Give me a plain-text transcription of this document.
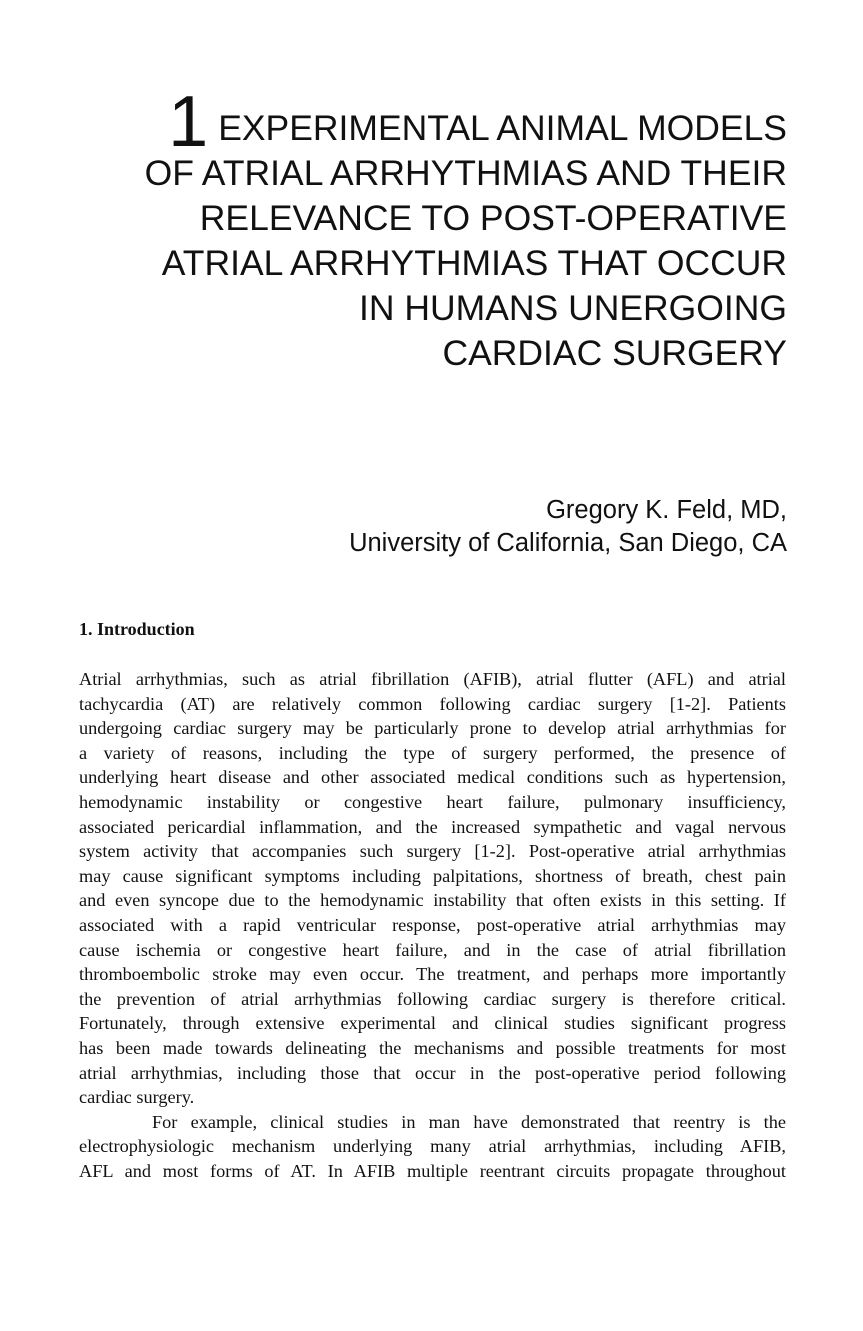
1 EXPERIMENTAL ANIMAL MODELS
OF ATRIAL ARRHYTHMIAS AND THEIR
RELEVANCE TO POST-OPERATIVE
ATRIAL ARRHYTHMIAS THAT OCCUR
IN HUMANS UNERGOING
CARDIAC SURGERY
Gregory K. Feld, MD,
University of California, San Diego, CA
1. Introduction
Atrial arrhythmias, such as atrial fibrillation (AFIB), atrial flutter (AFL) and atrial
tachycardia (AT) are relatively common following cardiac surgery [1-2]. Patients
undergoing cardiac surgery may be particularly prone to develop atrial arrhythmias for
a variety of reasons, including the type of surgery performed, the presence of
underlying heart disease and other associated medical conditions such as hypertension,
hemodynamic instability or congestive heart failure, pulmonary insufficiency,
associated pericardial inflammation, and the increased sympathetic and vagal nervous
system activity that accompanies such surgery [1-2]. Post-operative atrial arrhythmias
may cause significant symptoms including palpitations, shortness of breath, chest pain
and even syncope due to the hemodynamic instability that often exists in this setting. If
associated with a rapid ventricular response, post-operative atrial arrhythmias may
cause ischemia or congestive heart failure, and in the case of atrial fibrillation
thromboembolic stroke may even occur. The treatment, and perhaps more importantly
the prevention of atrial arrhythmias following cardiac surgery is therefore critical.
Fortunately, through extensive experimental and clinical studies significant progress
has been made towards delineating the mechanisms and possible treatments for most
atrial arrhythmias, including those that occur in the post-operative period following
cardiac surgery.
For example, clinical studies in man have demonstrated that reentry is the
electrophysiologic mechanism underlying many atrial arrhythmias, including AFIB,
AFL and most forms of AT. In AFIB multiple reentrant circuits propagate throughout
